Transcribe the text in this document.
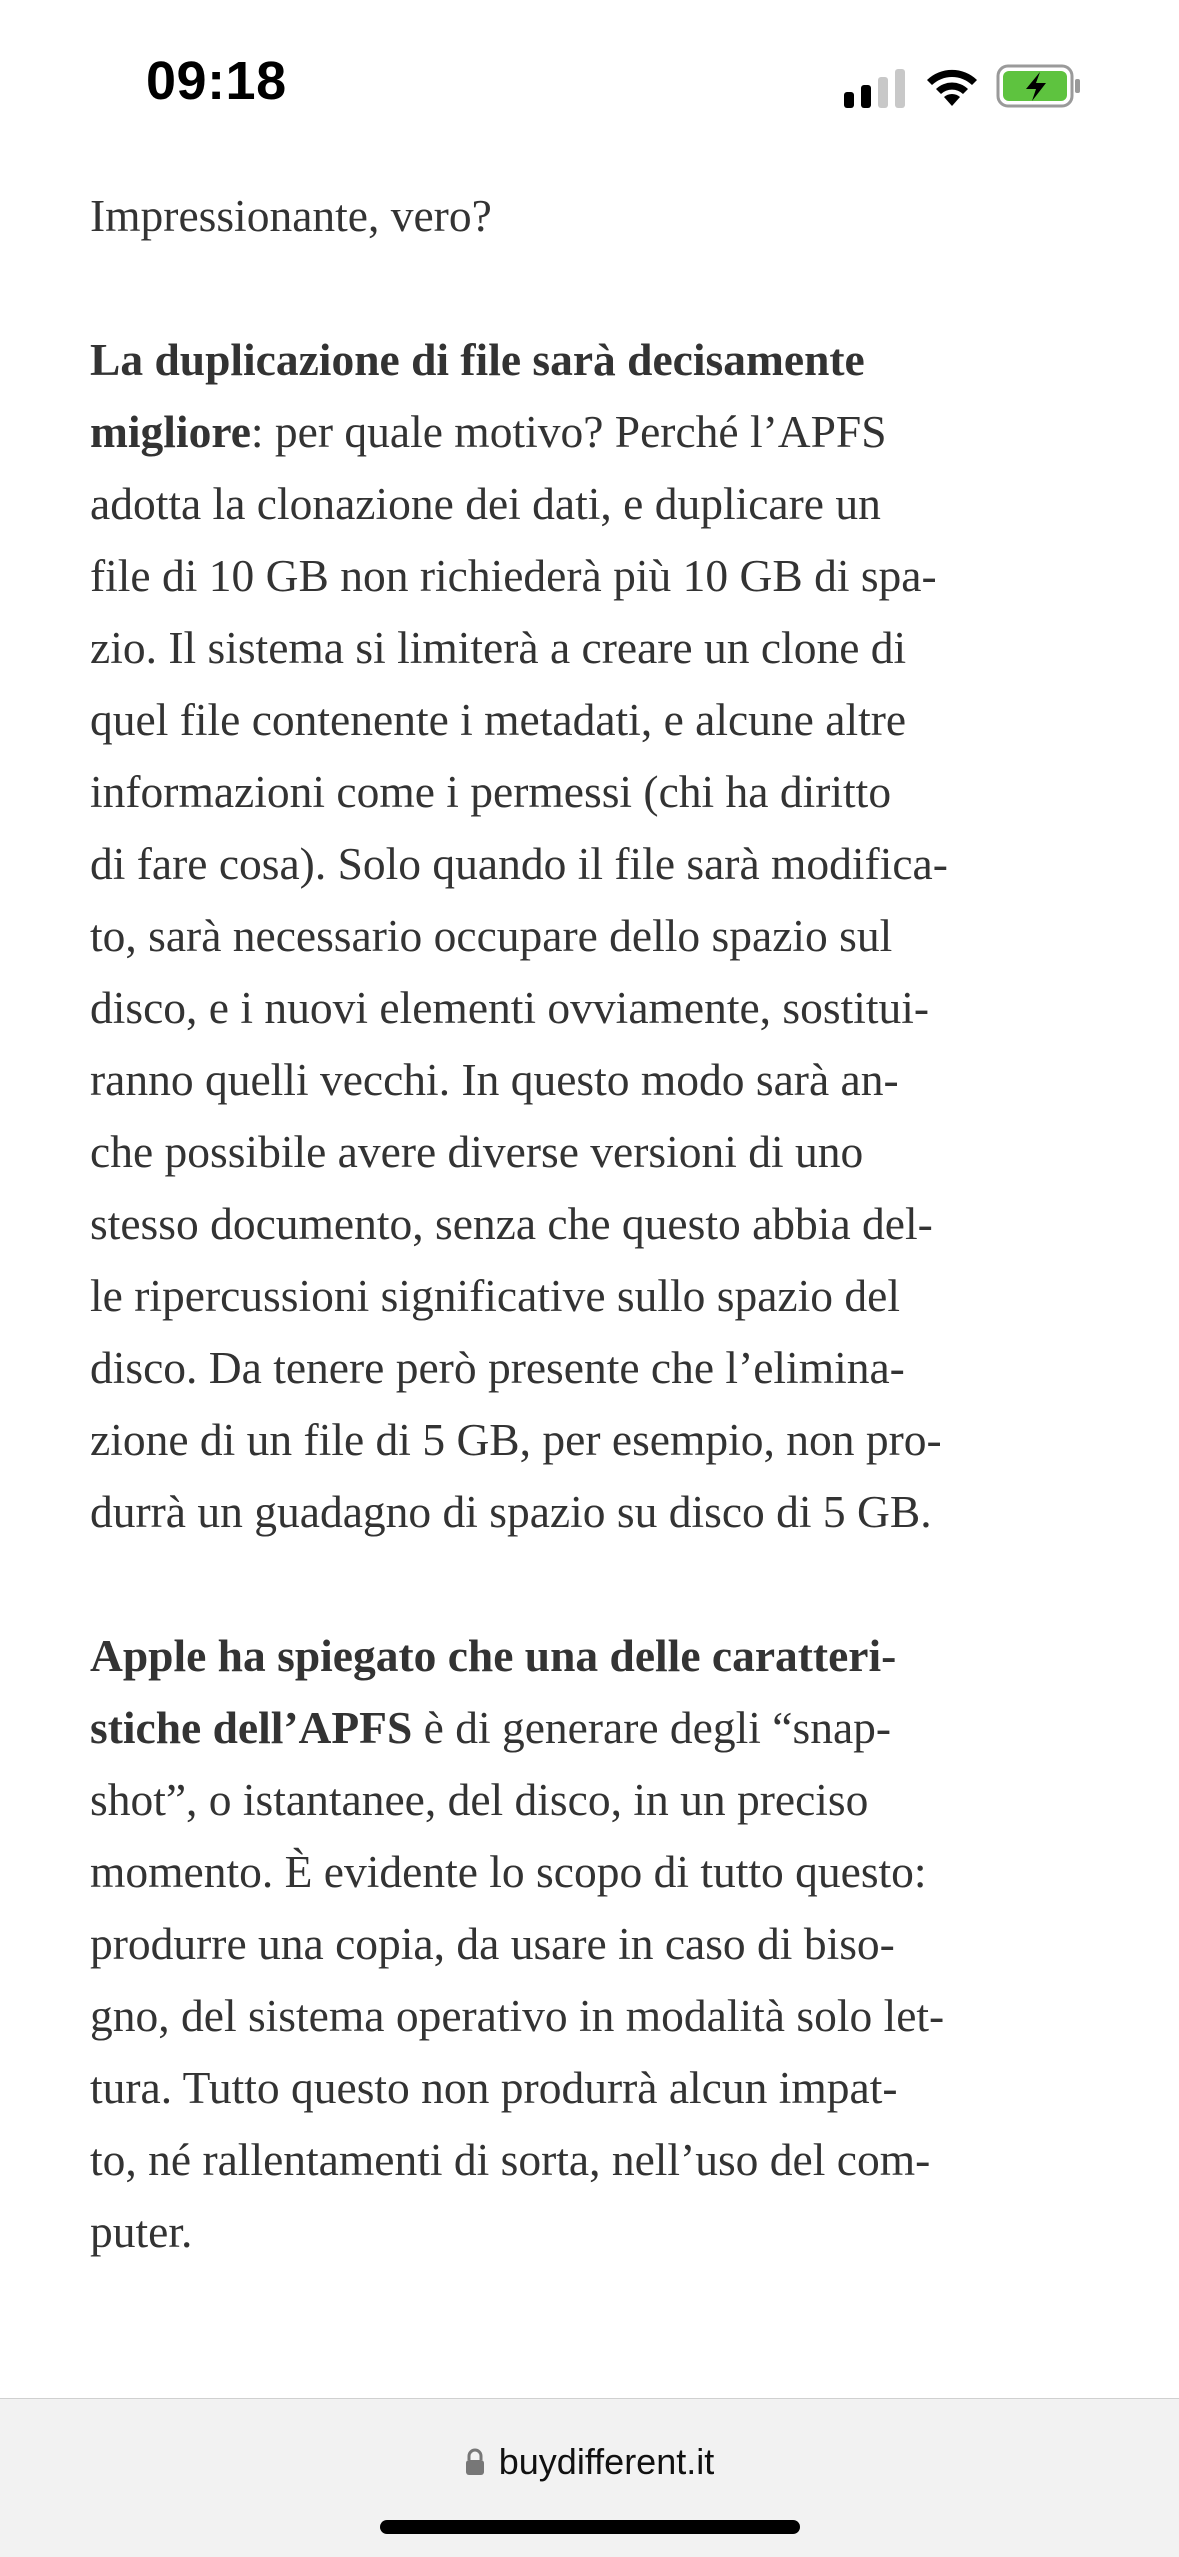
09:18

Impressionante, vero?

La duplicazione di file sarà decisamente
migliore: per quale motivo? Perché l’APFS
adotta la clonazione dei dati, e duplicare un
file di 10 GB non richiederà più 10 GB di spa-
zio. Il sistema si limiterà a creare un clone di
quel file contenente i metadati, e alcune altre
informazioni come i permessi (chi ha diritto
di fare cosa). Solo quando il file sarà modifica-
to, sarà necessario occupare dello spazio sul
disco, e i nuovi elementi ovviamente, sostitui-
ranno quelli vecchi. In questo modo sarà an-
che possibile avere diverse versioni di uno
stesso documento, senza che questo abbia del-
le ripercussioni significative sullo spazio del
disco. Da tenere però presente che l’elimina-
zione di un file di 5 GB, per esempio, non pro-
durrà un guadagno di spazio su disco di 5 GB.

Apple ha spiegato che una delle caratteri-
stiche dell’APFS è di generare degli “snap-
shot”, o istantanee, del disco, in un preciso
momento. È evidente lo scopo di tutto questo:
produrre una copia, da usare in caso di biso-
gno, del sistema operativo in modalità solo let-
tura. Tutto questo non produrrà alcun impat-
to, né rallentamenti di sorta, nell’uso del com-
puter.

buydifferent.it
